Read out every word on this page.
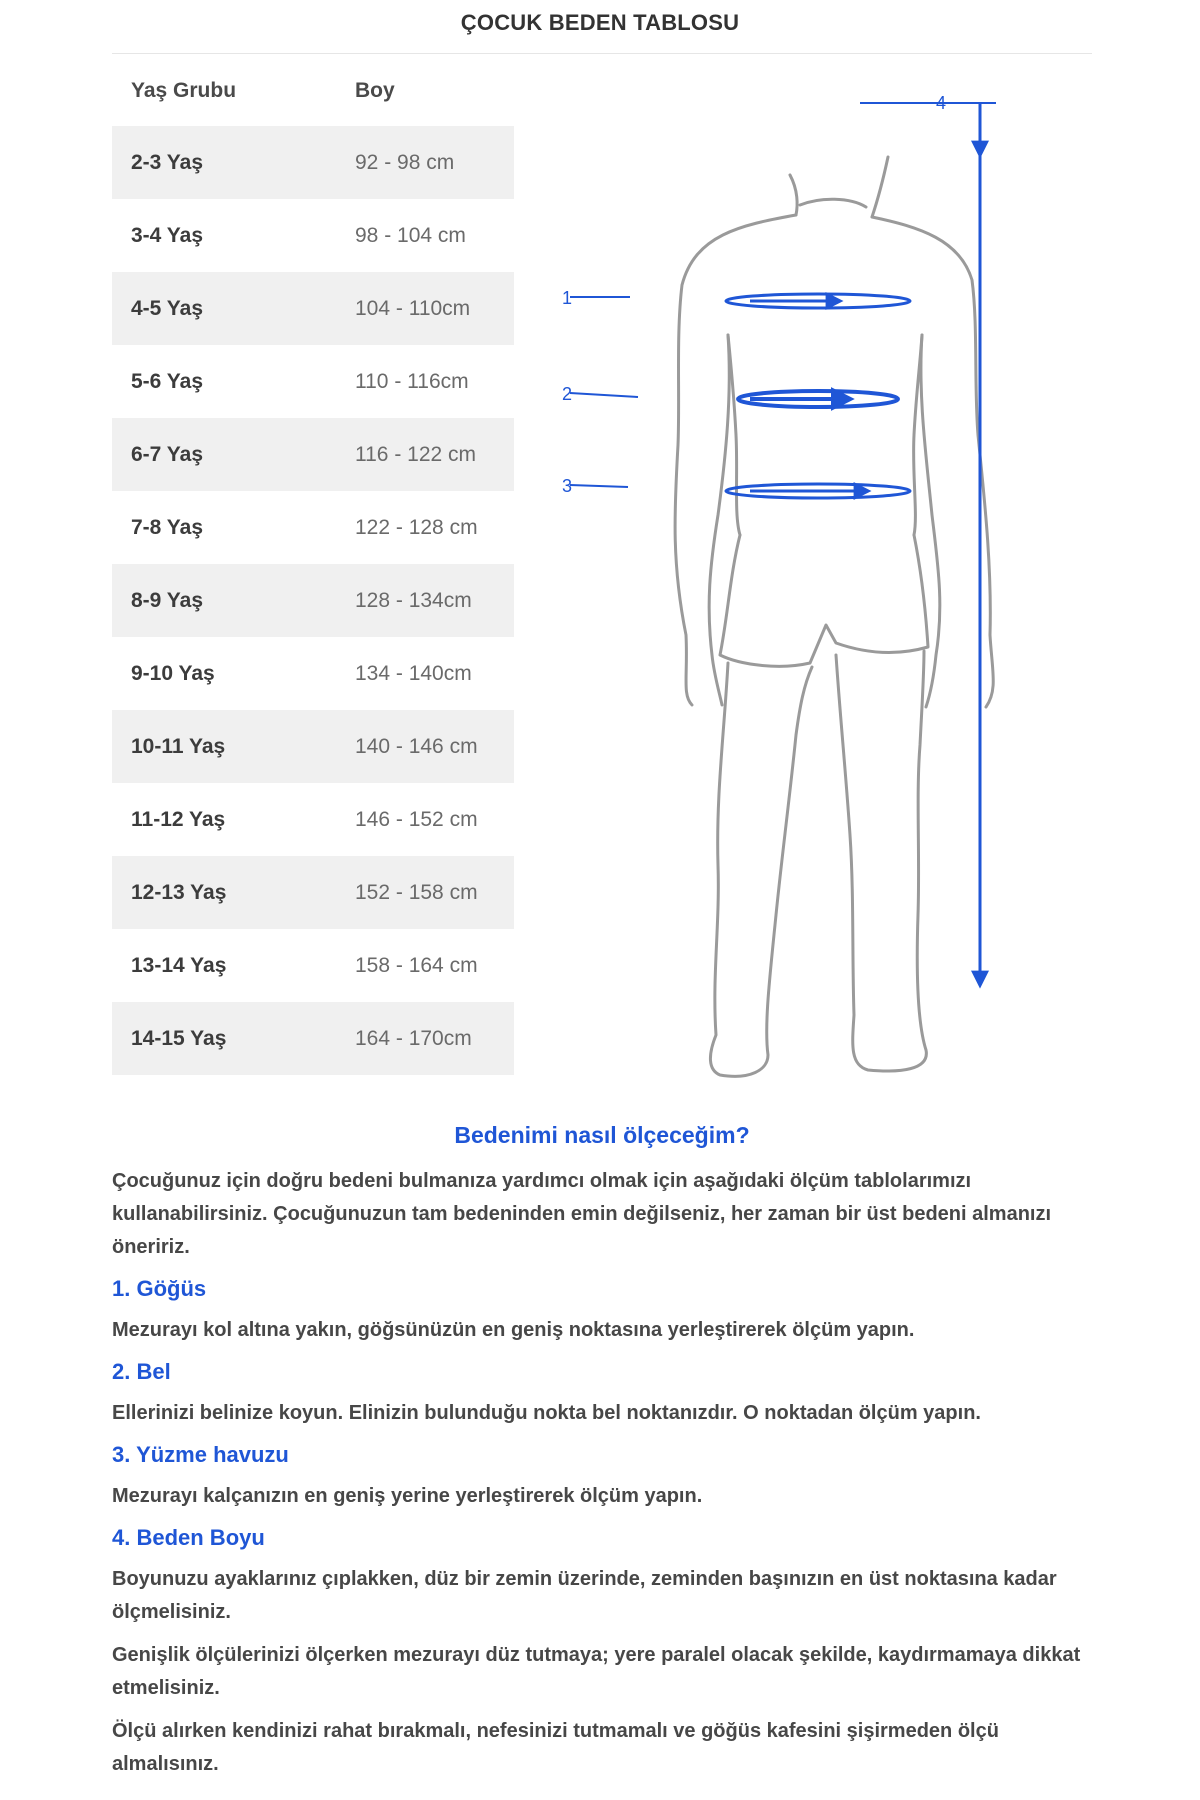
ÇOCUK BEDEN TABLOSU
Yaş Grubu	Boy
2-3 Yaş	92 - 98 cm
3-4 Yaş	98 - 104 cm
4-5 Yaş	104 - 110cm
5-6 Yaş	110 - 116cm
6-7 Yaş	116 - 122 cm
7-8 Yaş	122 - 128 cm
8-9 Yaş	128 - 134cm
9-10 Yaş	134 - 140cm
10-11 Yaş	140 - 146 cm
11-12 Yaş	146 - 152 cm
12-13 Yaş	152 - 158 cm
13-14 Yaş	158 - 164 cm
14-15 Yaş	164 - 170cm
1
2
3
4
Bedenimi nasıl ölçeceğim?

Çocuğunuz için doğru bedeni bulmanıza yardımcı olmak için aşağıdaki ölçüm tablolarımızı kullanabilirsiniz. Çocuğunuzun tam bedeninden emin değilseniz, her zaman bir üst bedeni almanızı öneririz.

1. Göğüs

Mezurayı kol altına yakın, göğsünüzün en geniş noktasına yerleştirerek ölçüm yapın.

2. Bel

Ellerinizi belinize koyun. Elinizin bulunduğu nokta bel noktanızdır. O noktadan ölçüm yapın.

3. Yüzme havuzu

Mezurayı kalçanızın en geniş yerine yerleştirerek ölçüm yapın.

4. Beden Boyu

Boyunuzu ayaklarınız çıplakken, düz bir zemin üzerinde, zeminden başınızın en üst noktasına kadar ölçmelisiniz.

Genişlik ölçülerinizi ölçerken mezurayı düz tutmaya; yere paralel olacak şekilde, kaydırmamaya dikkat etmelisiniz.

Ölçü alırken kendinizi rahat bırakmalı, nefesinizi tutmamalı ve göğüs kafesini şişirmeden ölçü almalısınız.
